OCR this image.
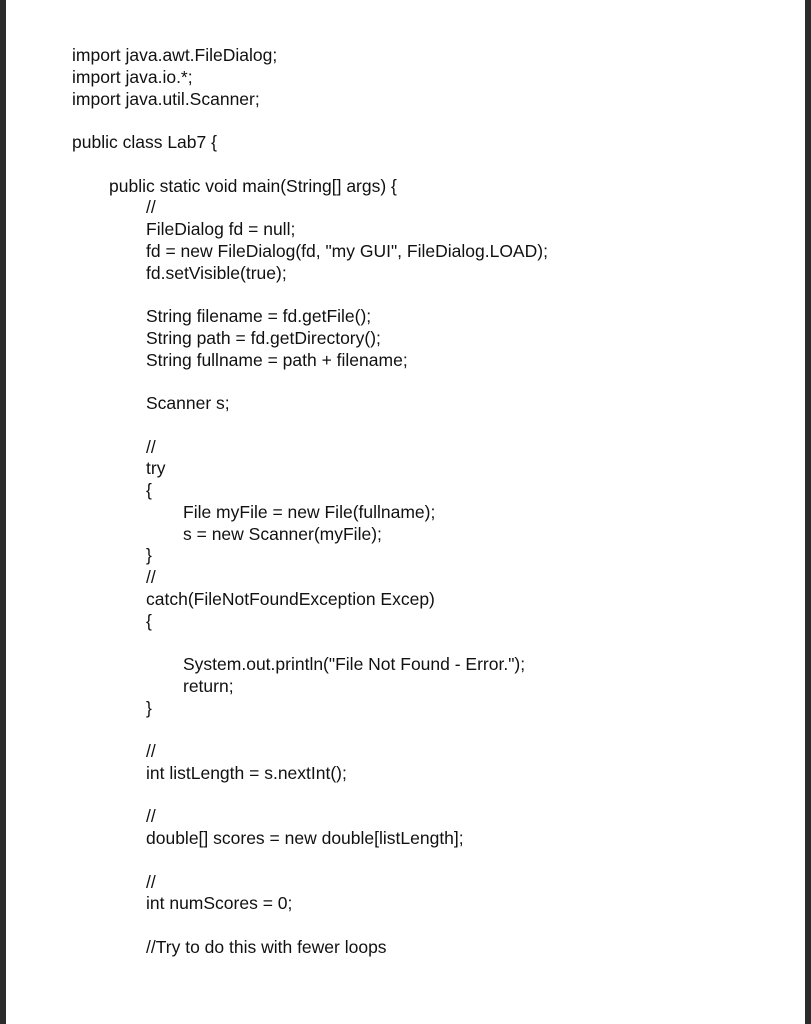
import java.awt.FileDialog;
import java.io.*;
import java.util.Scanner;
public class Lab7 {
public static void main(String[] args) {
//
FileDialog fd = null;
fd = new FileDialog(fd, "my GUI", FileDialog.LOAD);
fd.setVisible(true);
String filename = fd.getFile();
String path = fd.getDirectory();
String fullname = path + filename;
Scanner s;
//
try
{
File myFile = new File(fullname);
s = new Scanner(myFile);
}
//
catch(FileNotFoundException Excep)
{
System.out.println("File Not Found - Error.");
return;
}
//
int listLength = s.nextInt();
//
double[] scores = new double[listLength];
//
int numScores = 0;
//Try to do this with fewer loops
